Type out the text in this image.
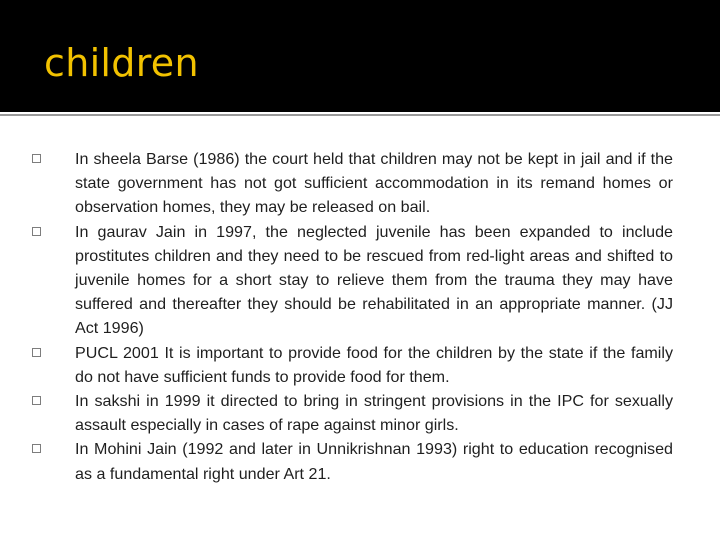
children
In sheela Barse (1986) the court held that children may not be kept in jail and if the state government has not got sufficient accommodation in its remand homes or observation homes, they may be released on bail.
In gaurav Jain in 1997, the neglected juvenile has been expanded to include prostitutes children and they need to be rescued from red-light areas and shifted to juvenile homes for a short stay to relieve them from the trauma they may have suffered and thereafter they should be rehabilitated in an appropriate manner. (JJ Act 1996)
PUCL 2001 It is important to provide food for the children by the state if the family do not have sufficient funds to provide food for them.
In sakshi in 1999 it directed to bring in stringent provisions in the IPC for sexually assault especially in cases of rape against minor girls.
In Mohini Jain (1992 and later in Unnikrishnan 1993) right to education recognised as a fundamental right under Art 21.
